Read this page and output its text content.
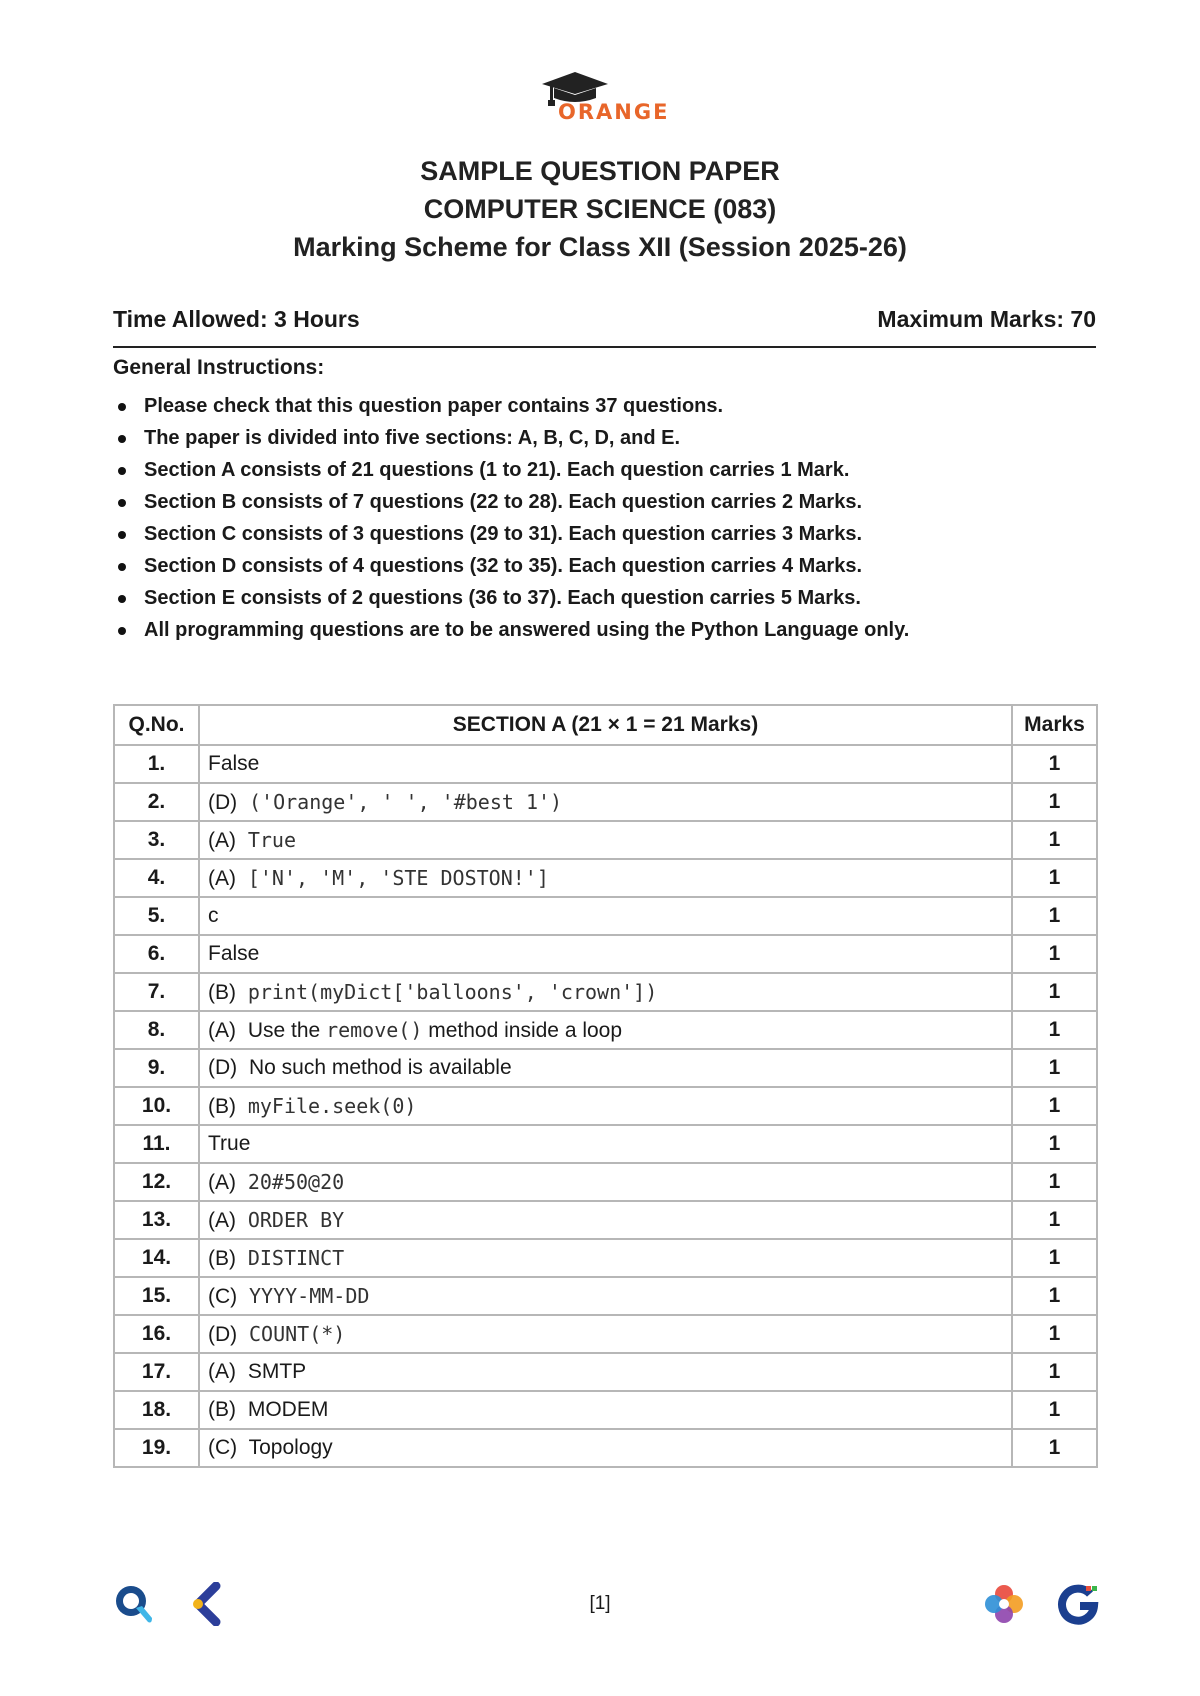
ORANGE
SAMPLE QUESTION PAPER
COMPUTER SCIENCE (083)
Marking Scheme for Class XII (Session 2025-26)
Time Allowed: 3 Hours	Maximum Marks: 70
General Instructions:
Please check that this question paper contains 37 questions.
The paper is divided into five sections: A, B, C, D, and E.
Section A consists of 21 questions (1 to 21). Each question carries 1 Mark.
Section B consists of 7 questions (22 to 28). Each question carries 2 Marks.
Section C consists of 3 questions (29 to 31). Each question carries 3 Marks.
Section D consists of 4 questions (32 to 35). Each question carries 4 Marks.
Section E consists of 2 questions (36 to 37). Each question carries 5 Marks.
All programming questions are to be answered using the Python Language only.
Q.No.	SECTION A (21 × 1 = 21 Marks)	Marks
1.	False	1
2.	(D) ('Orange', ' ', '#best 1')	1
3.	(A) True	1
4.	(A) ['N', 'M', 'STE DOSTON!']	1
5.	c	1
6.	False	1
7.	(B) print(myDict['balloons', 'crown'])	1
8.	(A) Use the remove() method inside a loop	1
9.	(D) No such method is available	1
10.	(B) myFile.seek(0)	1
11.	True	1
12.	(A) 20#50@20	1
13.	(A) ORDER BY	1
14.	(B) DISTINCT	1
15.	(C) YYYY-MM-DD	1
16.	(D) COUNT(*)	1
17.	(A) SMTP	1
18.	(B) MODEM	1
19.	(C) Topology	1
[1]
